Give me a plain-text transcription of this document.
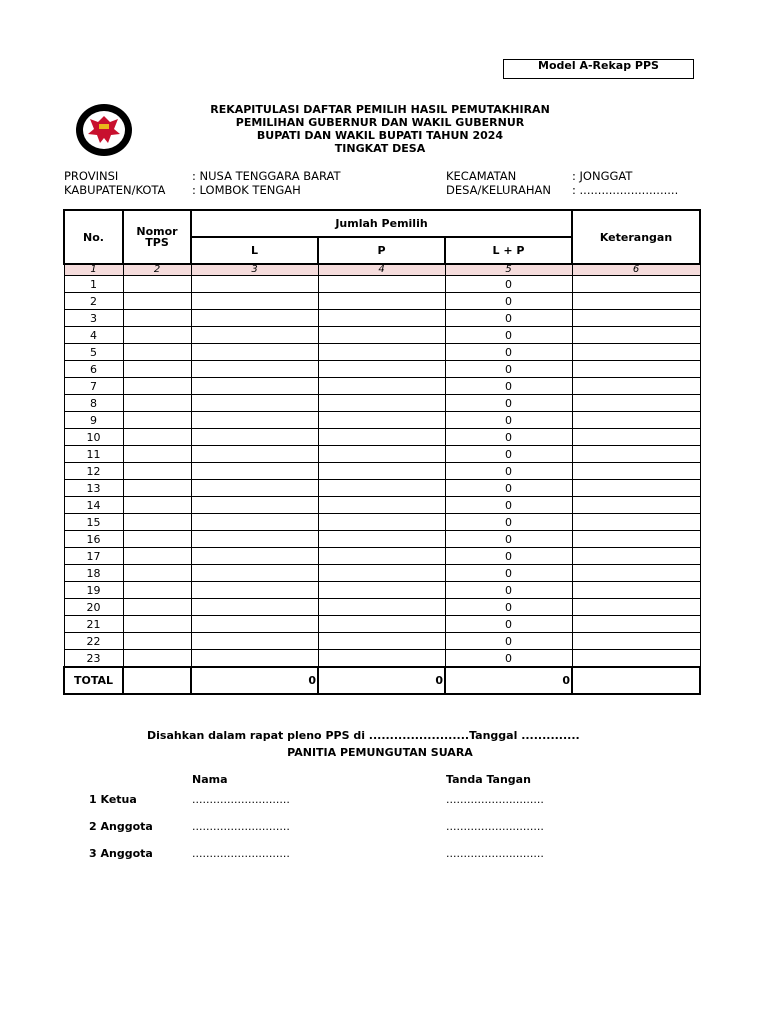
Model A-Rekap PPS
REKAPITULASI DAFTAR PEMILIH HASIL PEMUTAKHIRAN
PEMILIHAN GUBERNUR DAN WAKIL GUBERNUR
BUPATI DAN WAKIL BUPATI TAHUN 2024
TINGKAT DESA
PROVINSI	: NUSA TENGGARA BARAT
KABUPATEN/KOTA : LOMBOK TENGAH
KECAMATAN	: JONGGAT
DESA/KELURAHAN : ...........................
No.	Nomor TPS	Jumlah Pemilih			Keterangan
		L	P	L + P	
1	2	3	4	5	6
1				0	
2				0	
3				0	
4				0	
5				0	
6				0	
7				0	
8				0	
9				0	
10				0	
11				0	
12				0	
13				0	
14				0	
15				0	
16				0	
17				0	
18				0	
19				0	
20				0	
21				0	
22				0	
23				0	
TOTAL		0	0	0	
Disahkan dalam rapat pleno PPS di ........................Tanggal ..............
PANITIA PEMUNGUTAN SUARA
Nama	Tanda Tangan
1 Ketua	............................	............................
2 Anggota	............................	............................
3 Anggota	............................	............................
